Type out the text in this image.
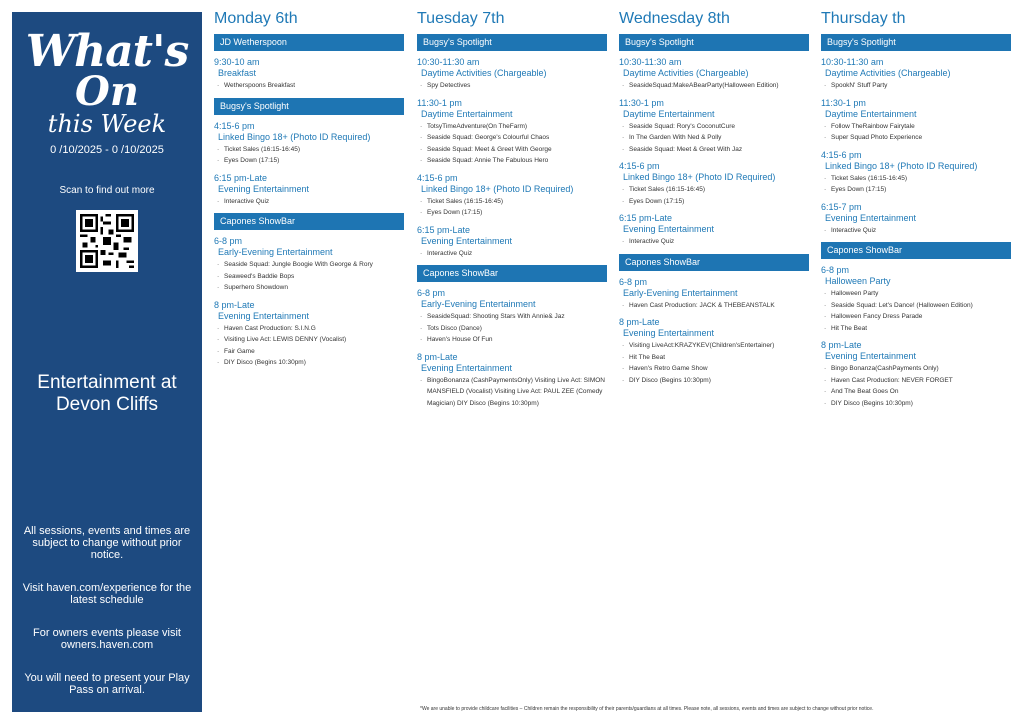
What's
On
this Week
0 /10/2025 - 0 /10/2025
Scan to find out more
Entertainment at Devon Cliffs

All sessions, events and times are subject to change without prior notice.

Visit haven.com/experience for the latest schedule

For owners events please visit owners.haven.com

You will need to present your Play Pass on arrival.

Monday 6th
JD Wetherspoon
9:30-10 am
Breakfast
· Wetherspoons Breakfast
Bugsy's Spotlight
4:15-6 pm
Linked Bingo 18+ (Photo ID Required)
· Ticket Sales (16:15-16:45)
· Eyes Down (17:15)
6:15 pm-Late
Evening Entertainment
· Interactive Quiz
Capones ShowBar
6-8 pm
Early-Evening Entertainment
· Seaside Squad: Jungle Boogie With George & Rory
· Seaweed's Baddie Bops
· Superhero Showdown
8 pm-Late
Evening Entertainment
· Haven Cast Production: S.I.N.G
· Visiting Live Act: LEWIS DENNY (Vocalist)
· Fair Game
· DIY Disco (Begins 10:30pm)
Tuesday 7th
Bugsy's Spotlight
10:30-11:30 am
Daytime Activities (Chargeable)
· Spy Detectives
11:30-1 pm
Daytime Entertainment
· TotsyTimeAdventure(On TheFarm)
· Seaside Squad: George's Colourful Chaos
· Seaside Squad: Meet & Greet With George
· Seaside Squad: Annie The Fabulous Hero
4:15-6 pm
Linked Bingo 18+ (Photo ID Required)
· Ticket Sales (16:15-16:45)
· Eyes Down (17:15)
6:15 pm-Late
Evening Entertainment
· Interactive Quiz
Capones ShowBar
6-8 pm
Early-Evening Entertainment
· SeasideSquad: Shooting Stars With Annie& Jaz
· Tots Disco (Dance)
· Haven's House Of Fun
8 pm-Late
Evening Entertainment
· BingoBonanza (CashPaymentsOnly) Visiting Live Act: SIMON MANSFIELD (Vocalist) Visiting Live Act: PAUL ZEE (Comedy Magician) DIY Disco (Begins 10:30pm)
Wednesday 8th
Bugsy's Spotlight
10:30-11:30 am
Daytime Activities (Chargeable)
· SeasideSquad:MakeABearParty(Halloween Edition)
11:30-1 pm
Daytime Entertainment
· Seaside Squad: Rory's CoconutCure
· In The Garden With Ned & Polly
· Seaside Squad: Meet & Greet With Jaz
4:15-6 pm
Linked Bingo 18+ (Photo ID Required)
· Ticket Sales (16:15-16:45)
· Eyes Down (17:15)
6:15 pm-Late
Evening Entertainment
· Interactive Quiz
Capones ShowBar
6-8 pm
Early-Evening Entertainment
· Haven Cast Production: JACK & THEBEANSTALK
8 pm-Late
Evening Entertainment
· Visiting LiveAct:KRAZYKEV(Children'sEntertainer)
· Hit The Beat
· Haven's Retro Game Show
· DIY Disco (Begins 10:30pm)
Thursday th
Bugsy's Spotlight
10:30-11:30 am
Daytime Activities (Chargeable)
· SpookN' Stuff Party
11:30-1 pm
Daytime Entertainment
· Follow TheRainbow Fairytale
· Super Squad Photo Experience
4:15-6 pm
Linked Bingo 18+ (Photo ID Required)
· Ticket Sales (16:15-16:45)
· Eyes Down (17:15)
6:15-7 pm
Evening Entertainment
· Interactive Quiz
Capones ShowBar
6-8 pm
Halloween Party
· Halloween Party
· Seaside Squad: Let's Dance! (Halloween Edition)
· Halloween Fancy Dress Parade
· Hit The Beat
8 pm-Late
Evening Entertainment
· Bingo Bonanza(CashPayments Only)
· Haven Cast Production: NEVER FORGET
· And The Beat Goes On
· DIY Disco (Begins 10:30pm)
*We are unable to provide childcare facilities – Children remain the responsibility of their parents/guardians at all times. Please note, all sessions, events and times are subject to change without prior notice.
